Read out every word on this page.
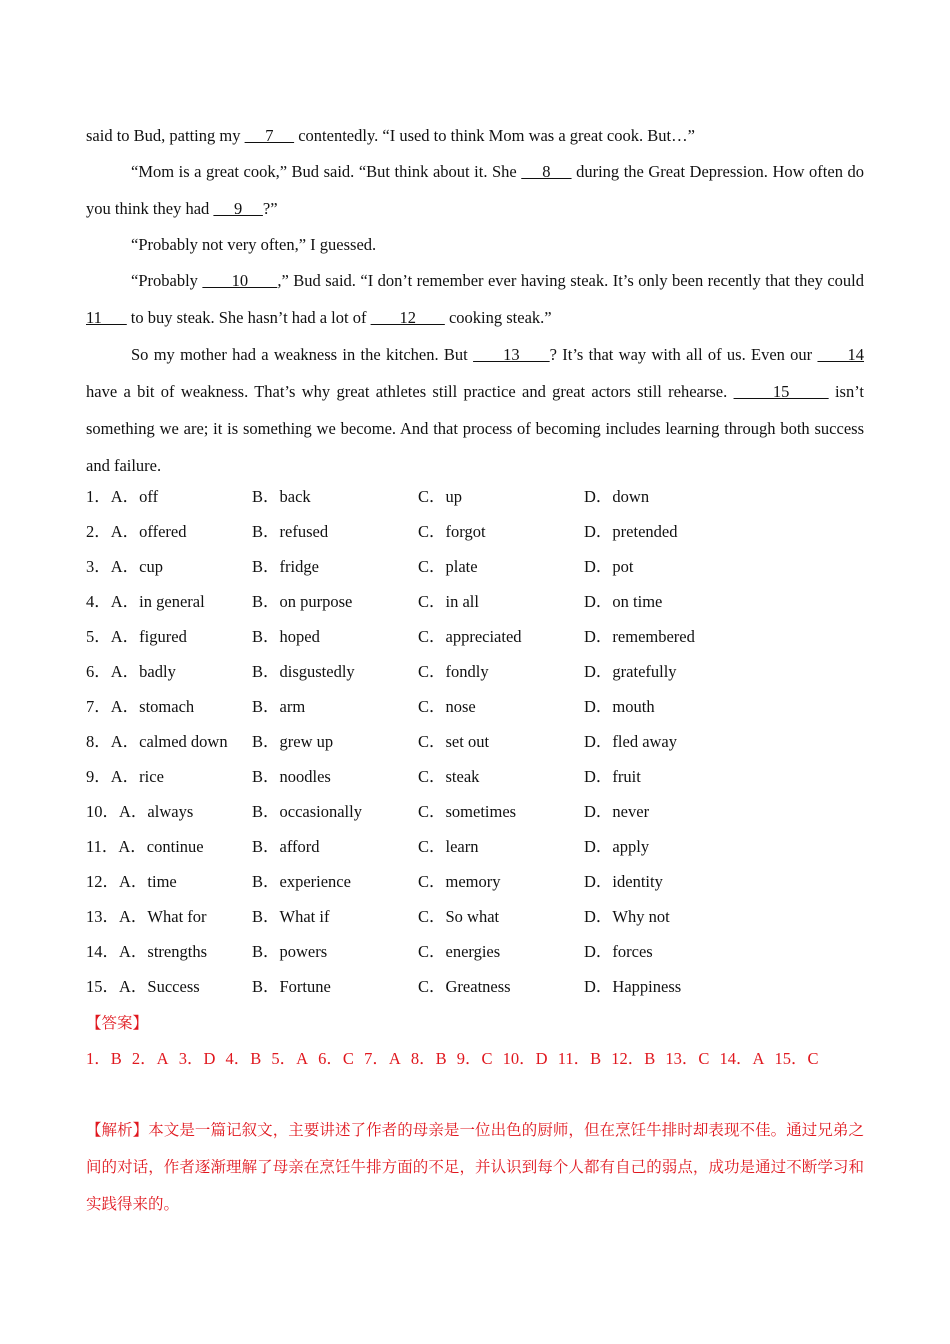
said to Bud, patting my  __7__  contentedly. “I used to think Mom was a great cook. But…”

“Mom is a great cook,” Bud said. “But think about it. She  __8__  during the Great Depression. How often do you think they had  __9__ ?”

“Probably not very often,” I guessed.

“Probably  ___10___ ,” Bud said. “I don’t remember ever having steak. It’s only been recently that they could 11___ to buy steak. She hasn’t had a lot of  ___12___  cooking steak.”

So my mother had a weakness in the kitchen. But  ___13___ ? It’s that way with all of us. Even our  ___14 have a bit of weakness. That’s why great athletes still practice and great actors still rehearse.  ____15____  isn’t something we are; it is something we become. And that process of becoming includes learning through both success and failure.

1．A．off	B．back	C．up	D．down
2．A．offered	B．refused	C．forgot	D．pretended
3．A．cup	B．fridge	C．plate	D．pot
4．A．in general	B．on purpose	C．in all	D．on time
5．A．figured	B．hoped	C．appreciated	D．remembered
6．A．badly	B．disgustedly	C．fondly	D．gratefully
7．A．stomach	B．arm	C．nose	D．mouth
8．A．calmed down B．grew up	C．set out	D．fled away
9．A．rice	B．noodles	C．steak	D．fruit
10．A．always	B．occasionally	C．sometimes	D．never
11．A．continue	B．afford	C．learn	D．apply
12．A．time	B．experience	C．memory	D．identity
13．A．What for	B．What if	C．So what	D．Why not
14．A．strengths	B．powers	C．energies	D．forces
15．A．Success	B．Fortune	C．Greatness	D．Happiness
【答案】
1．B 2．A 3．D 4．B 5．A 6．C 7．A 8．B 9．C 10．D 11．B 12．B 13．C 14．A 15．C
【解析】本文是一篇记叙文，主要讲述了作者的母亲是一位出色的厨师，但在烹饪牛排时却表现不佳。通过兄弟之间的对话，作者逐渐理解了母亲在烹饪牛排方面的不足，并认识到每个人都有自己的弱点，成功是通过不断学习和实践得来的。
